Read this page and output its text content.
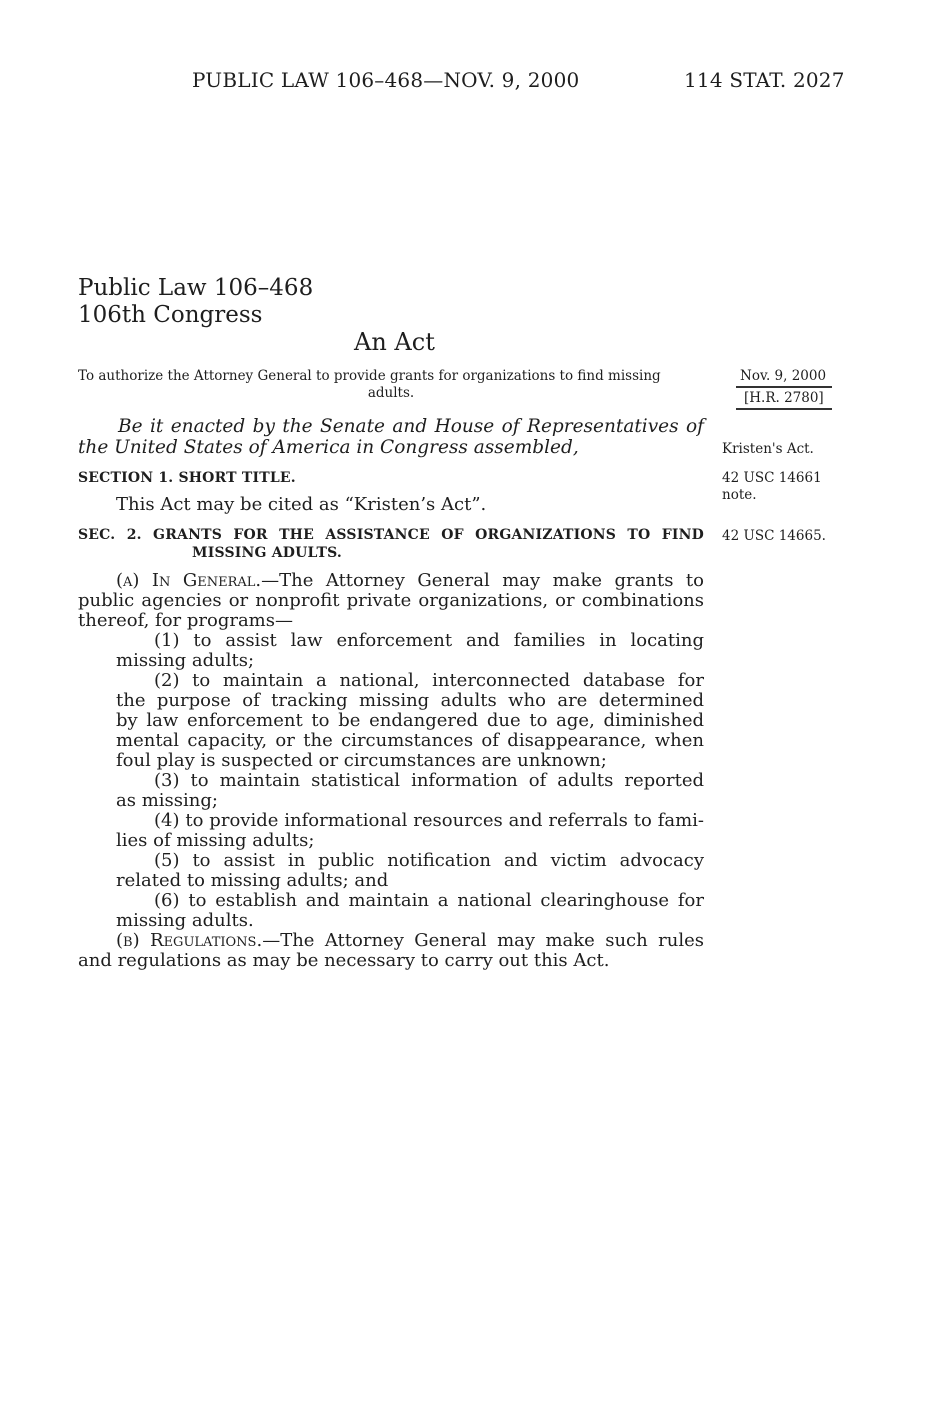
PUBLIC LAW 106–468—NOV. 9, 2000	114 STAT. 2027
Public Law 106–468
106th Congress
An Act
To authorize the Attorney General to provide grants for organizations to find missing
adults.
Nov. 9, 2000
[H.R. 2780]
Be it enacted by the Senate and House of Representatives of
the United States of America in Congress assembled,	Kristen's Act.
SECTION 1. SHORT TITLE.	42 USC 14661
note.
This Act may be cited as “Kristen’s Act”.
SEC. 2. GRANTS FOR THE ASSISTANCE OF ORGANIZATIONS TO FIND
MISSING ADULTS.
42 USC 14665.
(a) In General.—The Attorney General may make grants to
public agencies or nonprofit private organizations, or combinations
thereof, for programs—
(1) to assist law enforcement and families in locating
missing adults;
(2) to maintain a national, interconnected database for
the purpose of tracking missing adults who are determined
by law enforcement to be endangered due to age, diminished
mental capacity, or the circumstances of disappearance, when
foul play is suspected or circumstances are unknown;
(3) to maintain statistical information of adults reported
as missing;
(4) to provide informational resources and referrals to fami-
lies of missing adults;
(5) to assist in public notification and victim advocacy
related to missing adults; and
(6) to establish and maintain a national clearinghouse for
missing adults.
(b) Regulations.—The Attorney General may make such rules
and regulations as may be necessary to carry out this Act.
